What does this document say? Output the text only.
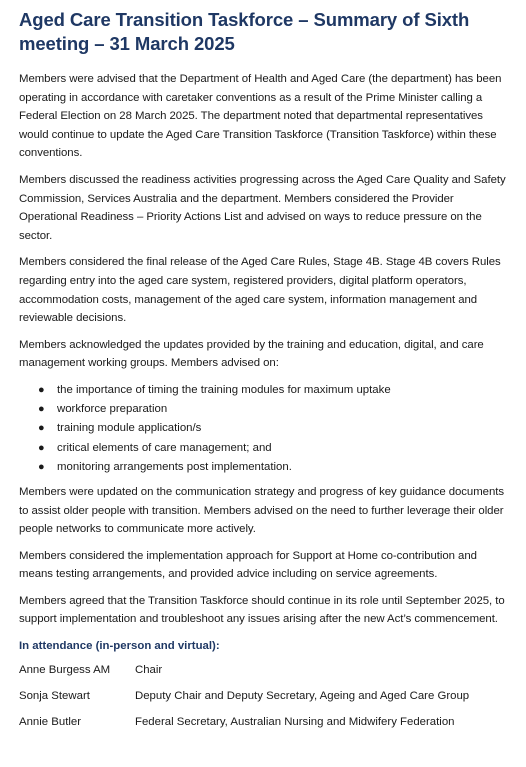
Aged Care Transition Taskforce – Summary of Sixth meeting – 31 March 2025

Members were advised that the Department of Health and Aged Care (the department) has been operating in accordance with caretaker conventions as a result of the Prime Minister calling a Federal Election on 28 March 2025. The department noted that departmental representatives would continue to update the Aged Care Transition Taskforce (Transition Taskforce) within these conventions.

Members discussed the readiness activities progressing across the Aged Care Quality and Safety Commission, Services Australia and the department. Members considered the Provider Operational Readiness – Priority Actions List and advised on ways to reduce pressure on the sector.

Members considered the final release of the Aged Care Rules, Stage 4B. Stage 4B covers Rules regarding entry into the aged care system, registered providers, digital platform operators, accommodation costs, management of the aged care system, information management and reviewable decisions.

Members acknowledged the updates provided by the training and education, digital, and care management working groups. Members advised on:

● the importance of timing the training modules for maximum uptake
● workforce preparation
● training module application/s
● critical elements of care management; and
● monitoring arrangements post implementation.

Members were updated on the communication strategy and progress of key guidance documents to assist older people with transition. Members advised on the need to further leverage their older people networks to communicate more actively.

Members considered the implementation approach for Support at Home co-contribution and means testing arrangements, and provided advice including on service agreements.

Members agreed that the Transition Taskforce should continue in its role until September 2025, to support implementation and troubleshoot any issues arising after the new Act’s commencement.

In attendance (in-person and virtual):
Anne Burgess AM	Chair
Sonja Stewart	Deputy Chair and Deputy Secretary, Ageing and Aged Care Group
Annie Butler	Federal Secretary, Australian Nursing and Midwifery Federation
